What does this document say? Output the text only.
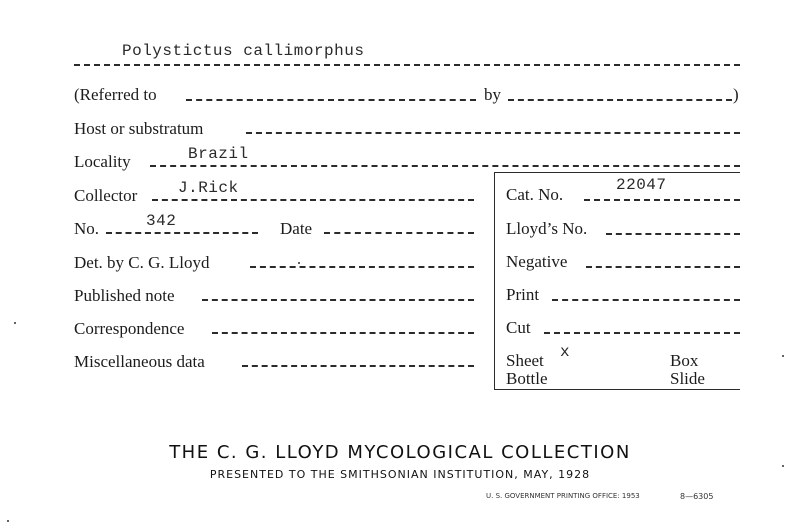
Polystictus callimorphus
(Referred to	by	)
Host or substratum
Locality	Brazil
Collector	J.Rick
No.	342	Date
Det. by C. G. Lloyd
Published note
Correspondence
Miscellaneous data
Cat. No.	22047
Lloyd’s No.
Negative
Print
Cut
Sheet x	Box
Bottle	Slide
THE C. G. LLOYD MYCOLOGICAL COLLECTION
PRESENTED TO THE SMITHSONIAN INSTITUTION, MAY, 1928
U. S. GOVERNMENT PRINTING OFFICE: 1953	8—6305
